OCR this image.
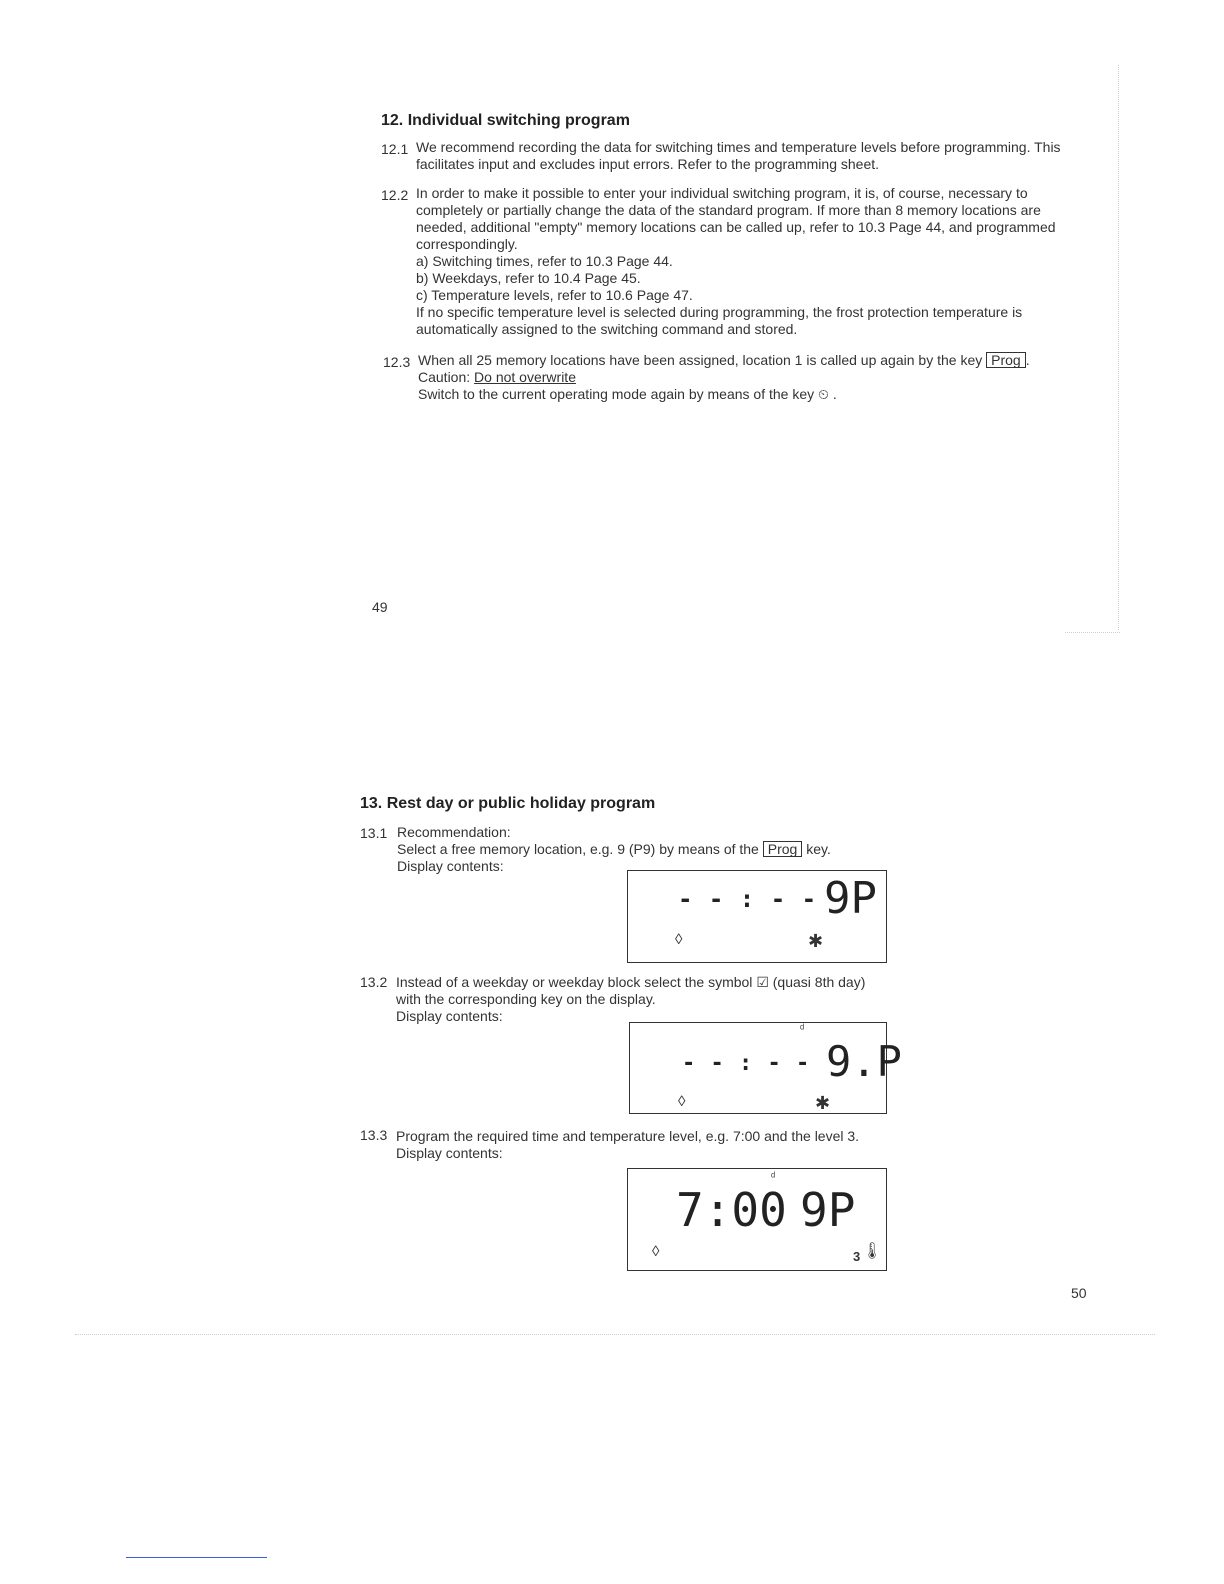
12. Individual switching program
12.1 We recommend recording the data for switching times and temperature levels before programming. This
facilitates input and excludes input errors. Refer to the programming sheet.
12.2 In order to make it possible to enter your individual switching program, it is, of course, necessary to
completely or partially change the data of the standard program. If more than 8 memory locations are
needed, additional "empty" memory locations can be called up, refer to 10.3 Page 44, and programmed
correspondingly.
a) Switching times, refer to 10.3 Page 44.
b) Weekdays, refer to 10.4 Page 45.
c) Temperature levels, refer to 10.6 Page 47.
If no specific temperature level is selected during programming, the frost protection temperature is
automatically assigned to the switching command and stored.
12.3 When all 25 memory locations have been assigned, location 1 is called up again by the key Prog .
Caution: Do not overwrite
Switch to the current operating mode again by means of the key ⏲ .
49
13. Rest day or public holiday program
13.1 Recommendation:
Select a free memory location, e.g. 9 (P9) by means of the Prog key.
Display contents:
- - : - - 9P
◊	✱
13.2 Instead of a weekday or weekday block select the symbol ☑ (quasi 8th day)
with the corresponding key on the display.
Display contents:
ᵈ
- - : - - 9.P
◊	✱
13.3 Program the required time and temperature level, e.g. 7:00 and the level 3.
Display contents:
ᵈ
7:00 9P
◊	3 🌡
50
